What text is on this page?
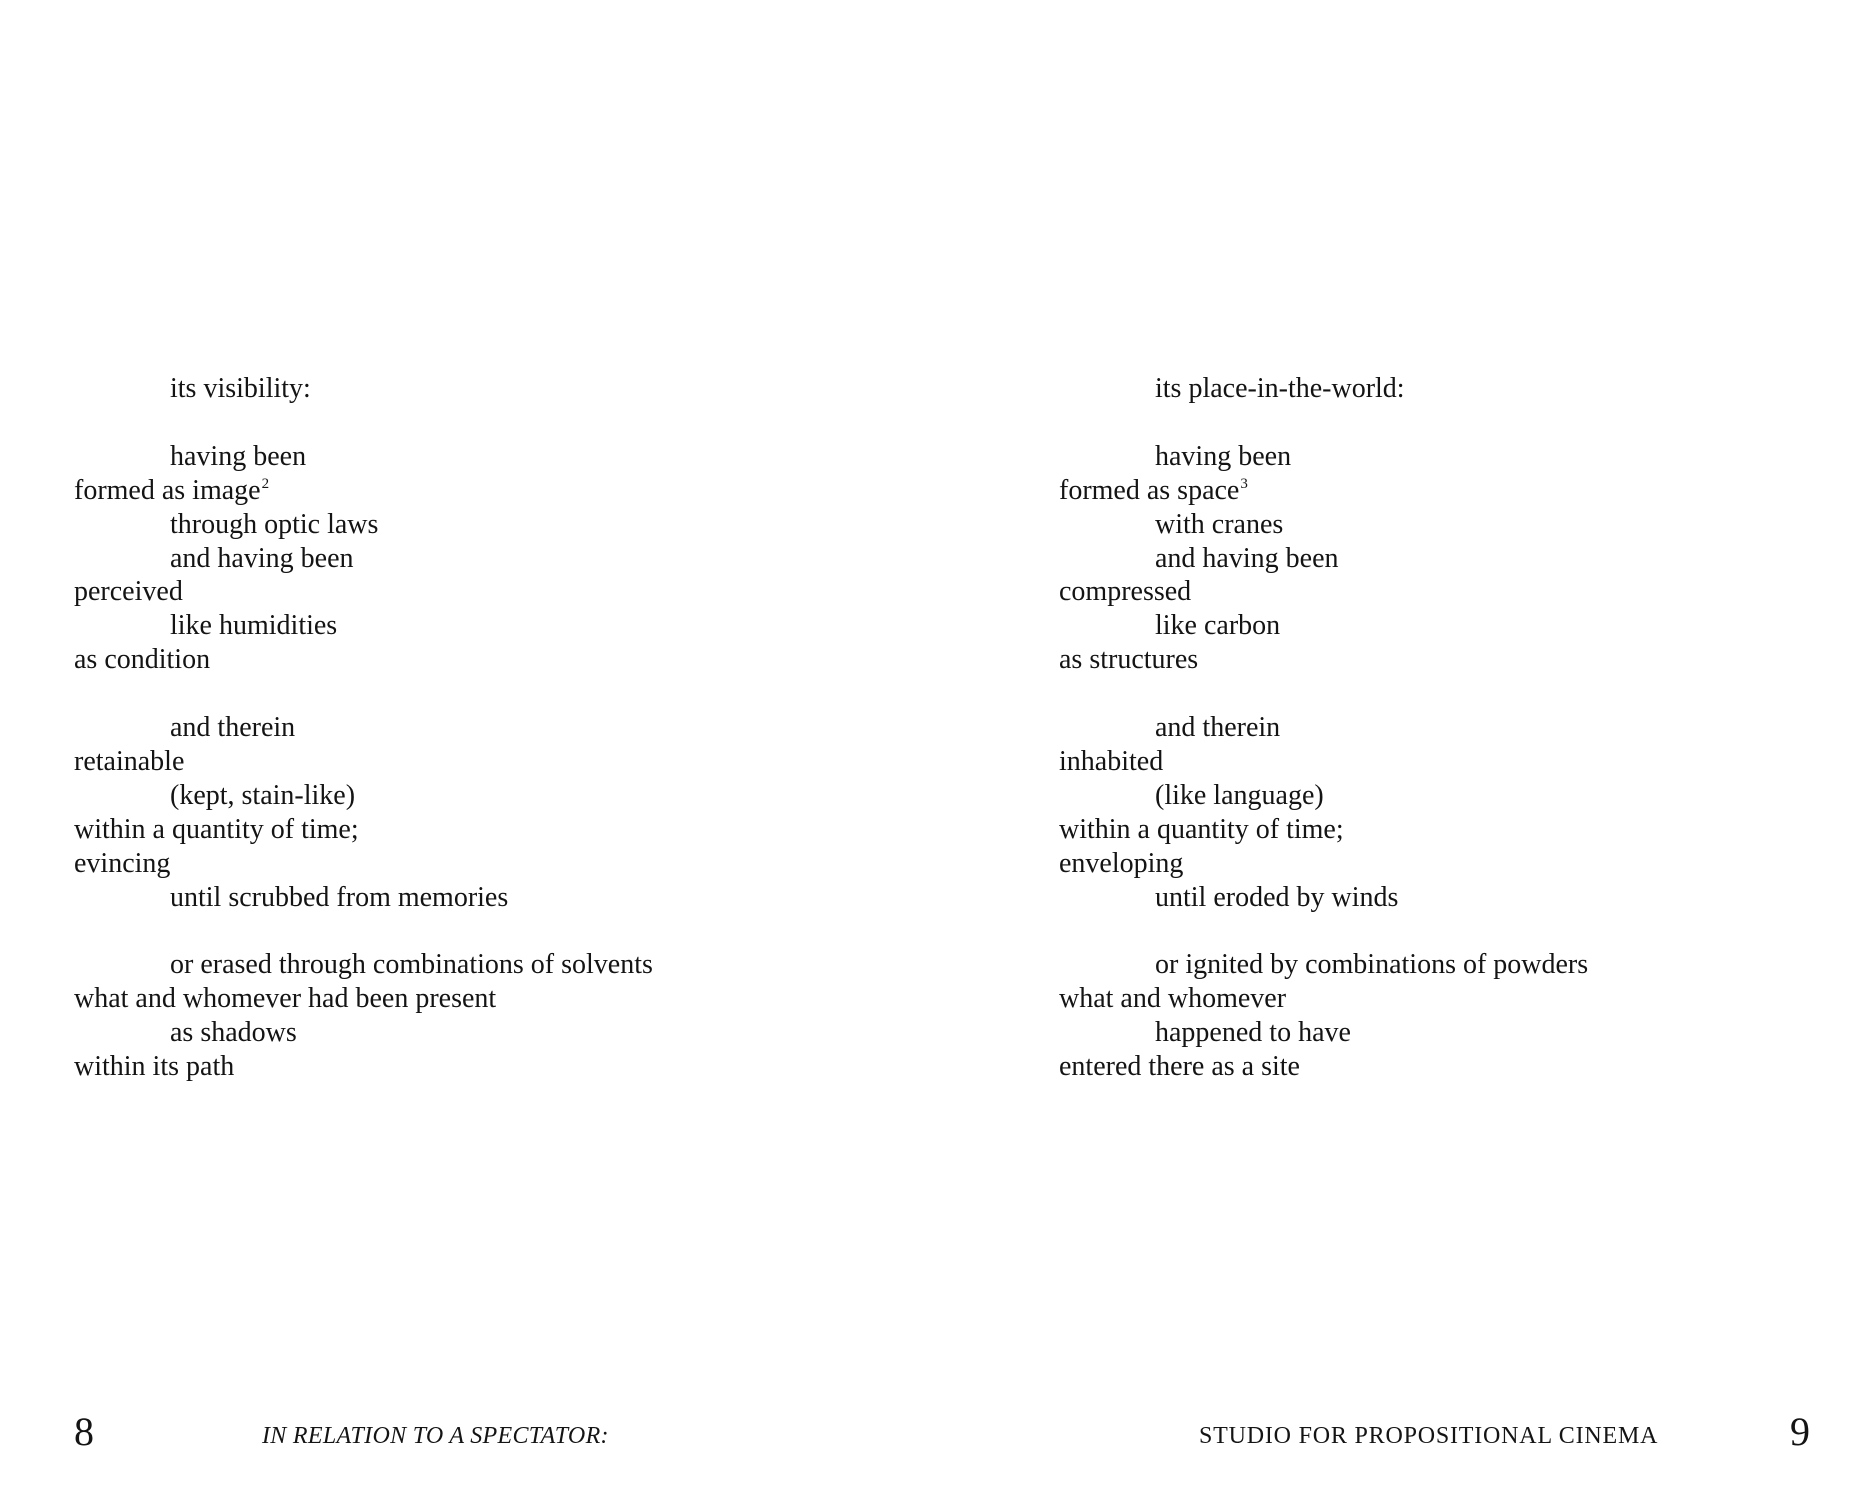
its visibility:
having been
formed as image$^2$
through optic laws
and having been
perceived
like humidities
as condition
and therein
retainable
(kept, stain-like)
within a quantity of time;
evincing
until scrubbed from memories
or erased through combinations of solvents
what and whomever had been present
as shadows
within its path
8	IN RELATION TO A SPECTATOR:
its place-in-the-world:
having been
formed as space$^3$
with cranes
and having been
compressed
like carbon
as structures
and therein
inhabited
(like language)
within a quantity of time;
enveloping
until eroded by winds
or ignited by combinations of powders
what and whomever
happened to have
entered there as a site
STUDIO FOR PROPOSITIONAL CINEMA	9
